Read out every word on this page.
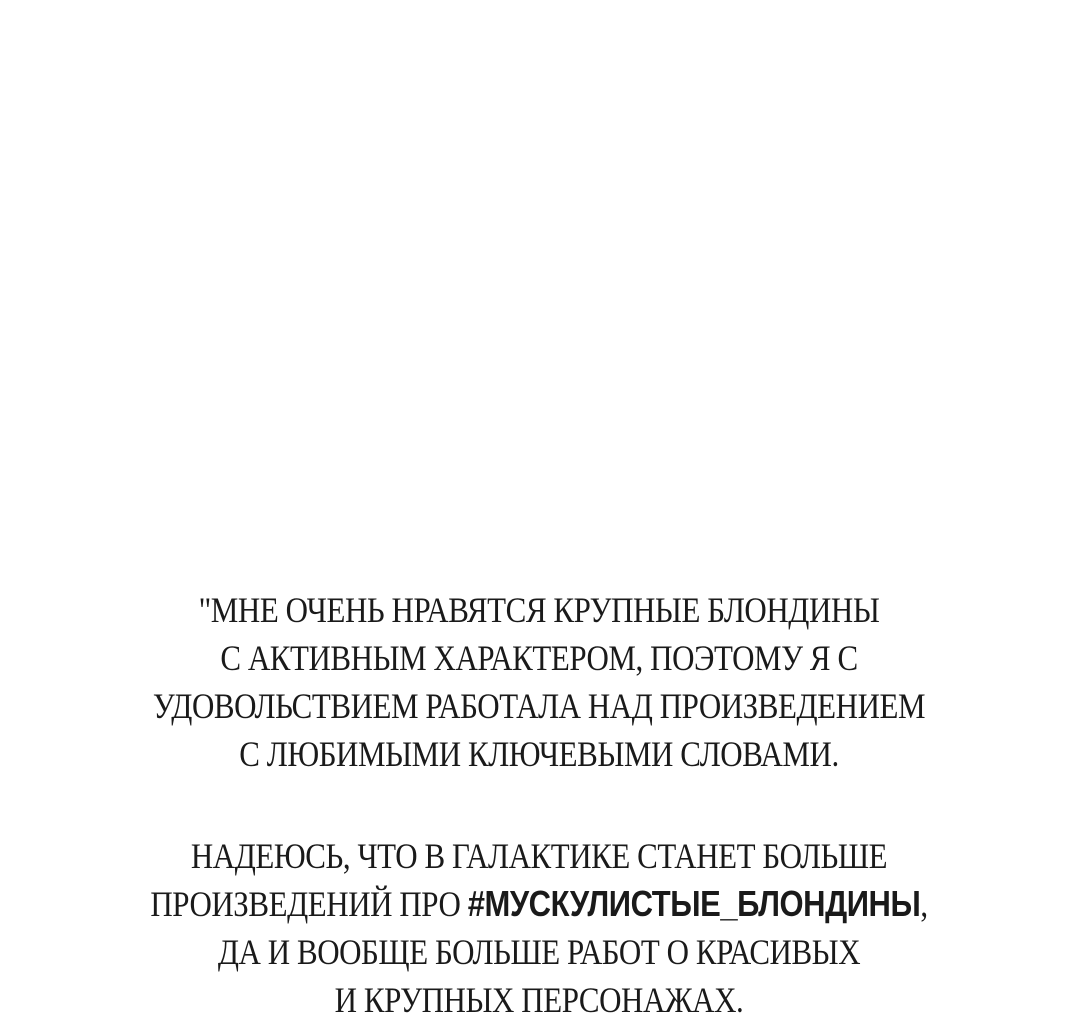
"МНЕ ОЧЕНЬ НРАВЯТСЯ КРУПНЫЕ БЛОНДИНЫ
С АКТИВНЫМ ХАРАКТЕРОМ, ПОЭТОМУ Я С
УДОВОЛЬСТВИЕМ РАБОТАЛА НАД ПРОИЗВЕДЕНИЕМ
С ЛЮБИМЫМИ КЛЮЧЕВЫМИ СЛОВАМИ.
НАДЕЮСЬ, ЧТО В ГАЛАКТИКЕ СТАНЕТ БОЛЬШЕ
ПРОИЗВЕДЕНИЙ ПРО #МУСКУЛИСТЫЕ_БЛОНДИНЫ,
ДА И ВООБЩЕ БОЛЬШЕ РАБОТ О КРАСИВЫХ
И КРУПНЫХ ПЕРСОНАЖАХ.
